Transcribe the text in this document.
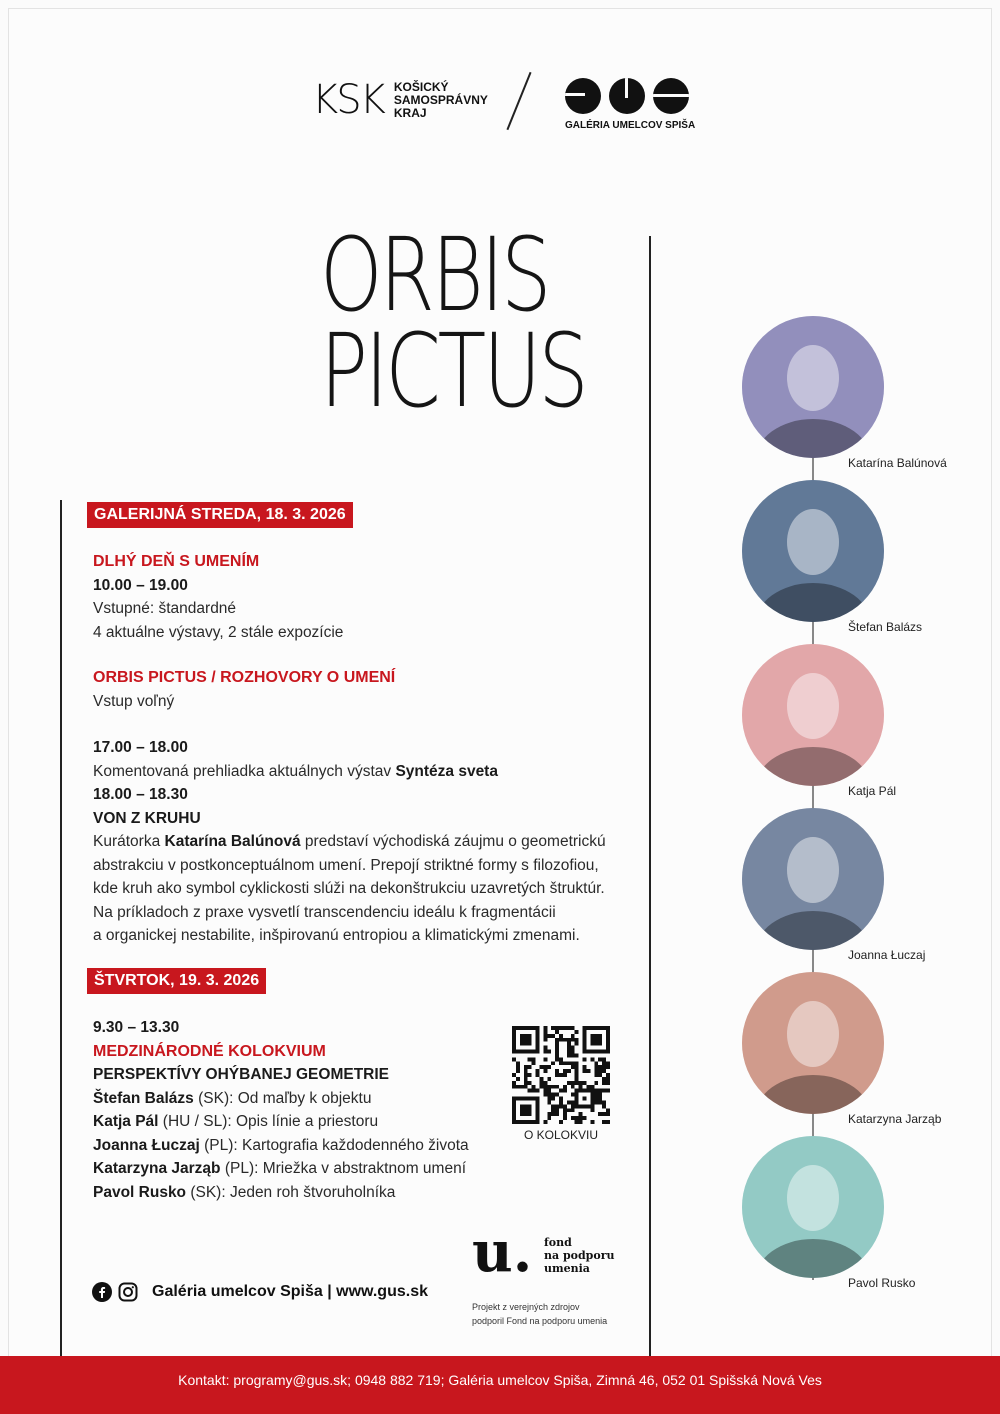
KSK KOŠICKÝ
SAMOSPRÁVNY
KRAJ
GALÉRIA UMELCOV SPIŠA
ORBIS
PICTUS
GALERIJNÁ STREDA, 18. 3. 2026
DLHÝ DEŇ S UMENÍM
10.00 – 19.00
Vstupné: štandardné
4 aktuálne výstavy, 2 stále expozície
ORBIS PICTUS / ROZHOVORY O UMENÍ
Vstup voľný
17.00 – 18.00
Komentovaná prehliadka aktuálnych výstav Syntéza sveta
18.00 – 18.30
VON Z KRUHU
Kurátorka Katarína Balúnová predstaví východiská záujmu o geometrickú
abstrakciu v postkonceptuálnom umení. Prepojí striktné formy s filozofiou,
kde kruh ako symbol cyklickosti slúži na dekonštrukciu uzavretých štruktúr.
Na príkladoch z praxe vysvetlí transcendenciu ideálu k fragmentácii
a organickej nestabilite, inšpirovanú entropiou a klimatickými zmenami.
ŠTVRTOK, 19. 3. 2026
9.30 – 13.30
MEDZINÁRODNÉ KOLOKVIUM
PERSPEKTÍVY OHÝBANEJ GEOMETRIE
Štefan Balázs (SK): Od maľby k objektu
Katja Pál (HU / SL): Opis línie a priestoru
Joanna Łuczaj (PL): Kartografia každodenného života
Katarzyna Jarząb (PL): Mriežka v abstraktnom umení
Pavol Rusko (SK): Jeden roh štvoruholníka
O KOLOKVIU
u. fond
na podporu
umenia
Projekt z verejných zdrojov
podporil Fond na podporu umenia
Galéria umelcov Spiša | www.gus.sk
Katarína Balúnová
Štefan Balázs
Katja Pál
Joanna Łuczaj
Katarzyna Jarząb
Pavol Rusko
Kontakt: programy@gus.sk; 0948 882 719; Galéria umelcov Spiša, Zimná 46, 052 01 Spišská Nová Ves
